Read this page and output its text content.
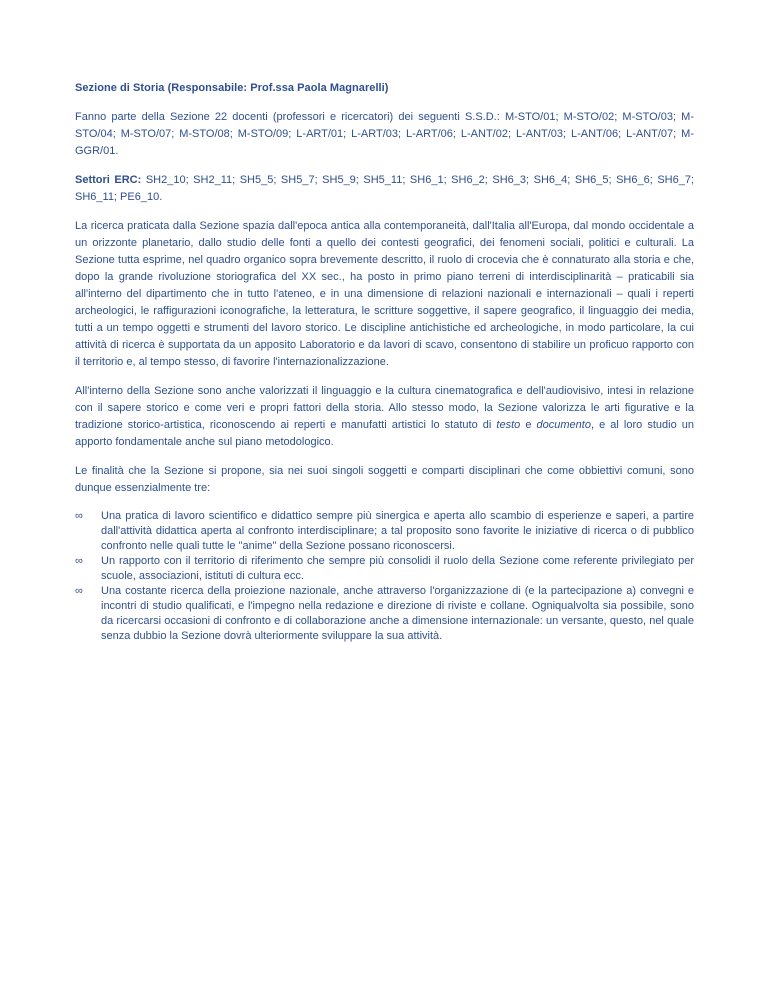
Sezione di Storia (Responsabile: Prof.ssa Paola Magnarelli)

Fanno parte della Sezione 22 docenti (professori e ricercatori) dei seguenti S.S.D.: M-STO/01; M-STO/02; M-STO/03; M-STO/04; M-STO/07; M-STO/08; M-STO/09; L-ART/01; L-ART/03; L-ART/06; L-ANT/02; L-ANT/03; L-ANT/06; L-ANT/07; M-GGR/01.

Settori ERC: SH2_10; SH2_11; SH5_5; SH5_7; SH5_9; SH5_11; SH6_1; SH6_2; SH6_3; SH6_4; SH6_5; SH6_6; SH6_7; SH6_11; PE6_10.

La ricerca praticata dalla Sezione spazia dall'epoca antica alla contemporaneità, dall'Italia all'Europa, dal mondo occidentale a un orizzonte planetario, dallo studio delle fonti a quello dei contesti geografici, dei fenomeni sociali, politici e culturali. La Sezione tutta esprime, nel quadro organico sopra brevemente descritto, il ruolo di crocevia che è connaturato alla storia e che, dopo la grande rivoluzione storiografica del XX sec., ha posto in primo piano terreni di interdisciplinarità – praticabili sia all'interno del dipartimento che in tutto l'ateneo, e in una dimensione di relazioni nazionali e internazionali – quali i reperti archeologici, le raffigurazioni iconografiche, la letteratura, le scritture soggettive, il sapere geografico, il linguaggio dei media, tutti a un tempo oggetti e strumenti del lavoro storico. Le discipline antichistiche ed archeologiche, in modo particolare, la cui attività di ricerca è supportata da un apposito Laboratorio e da lavori di scavo, consentono di stabilire un proficuo rapporto con il territorio e, al tempo stesso, di favorire l'internazionalizzazione.

All'interno della Sezione sono anche valorizzati il linguaggio e la cultura cinematografica e dell'audiovisivo, intesi in relazione con il sapere storico e come veri e propri fattori della storia. Allo stesso modo, la Sezione valorizza le arti figurative e la tradizione storico-artistica, riconoscendo ai reperti e manufatti artistici lo statuto di testo e documento, e al loro studio un apporto fondamentale anche sul piano metodologico.

Le finalità che la Sezione si propone, sia nei suoi singoli soggetti e comparti disciplinari che come obbiettivi comuni, sono dunque essenzialmente tre:

∞	Una pratica di lavoro scientifico e didattico sempre più sinergica e aperta allo scambio di esperienze e saperi, a partire dall'attività didattica aperta al confronto interdisciplinare; a tal proposito sono favorite le iniziative di ricerca o di pubblico confronto nelle quali tutte le "anime" della Sezione possano riconoscersi.
∞	Un rapporto con il territorio di riferimento che sempre più consolidi il ruolo della Sezione come referente privilegiato per scuole, associazioni, istituti di cultura ecc.
∞	Una costante ricerca della proiezione nazionale, anche attraverso l'organizzazione di (e la partecipazione a) convegni e incontri di studio qualificati, e l'impegno nella redazione e direzione di riviste e collane. Ogniqualvolta sia possibile, sono da ricercarsi occasioni di confronto e di collaborazione anche a dimensione internazionale: un versante, questo, nel quale senza dubbio la Sezione dovrà ulteriormente sviluppare la sua attività.
